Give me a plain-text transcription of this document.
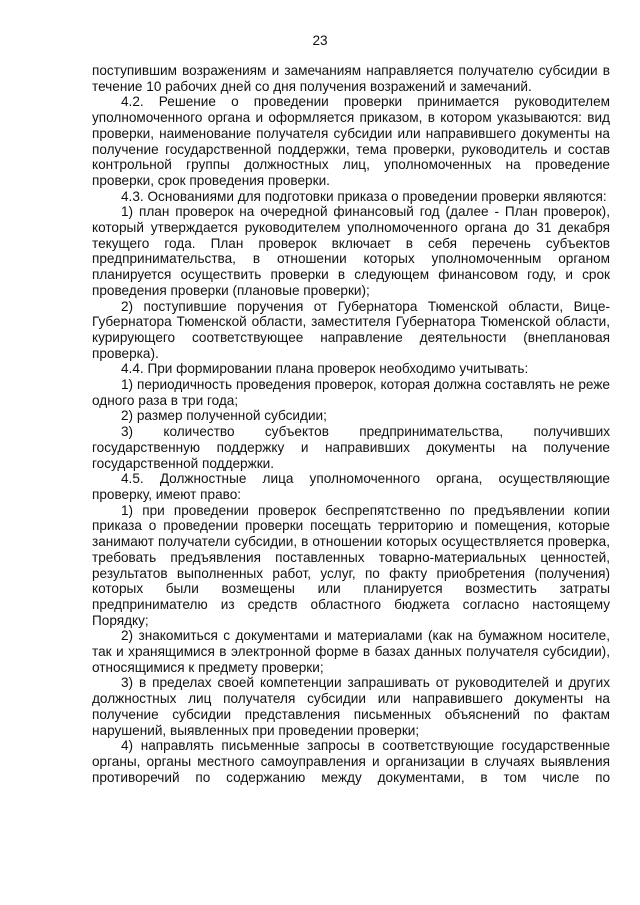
23

поступившим возражениям и замечаниям направляется получателю субсидии в течение 10 рабочих дней со дня получения возражений и замечаний.

4.2. Решение о проведении проверки принимается руководителем уполномоченного органа и оформляется приказом, в котором указываются: вид проверки, наименование получателя субсидии или направившего документы на получение государственной поддержки, тема проверки, руководитель и состав контрольной группы должностных лиц, уполномоченных на проведение проверки, срок проведения проверки.

4.3. Основаниями для подготовки приказа о проведении проверки являются:

1) план проверок на очередной финансовый год (далее - План проверок), который утверждается руководителем уполномоченного органа до 31 декабря текущего года. План проверок включает в себя перечень субъектов предпринимательства, в отношении которых уполномоченным органом планируется осуществить проверки в следующем финансовом году, и срок проведения проверки (плановые проверки);

2) поступившие поручения от Губернатора Тюменской области, Вице-Губернатора Тюменской области, заместителя Губернатора Тюменской области, курирующего соответствующее направление деятельности (внеплановая проверка).

4.4. При формировании плана проверок необходимо учитывать:

1) периодичность проведения проверок, которая должна составлять не реже одного раза в три года;

2) размер полученной субсидии;

3) количество субъектов предпринимательства, получивших государственную поддержку и направивших документы на получение государственной поддержки.

4.5. Должностные лица уполномоченного органа, осуществляющие проверку, имеют право:

1) при проведении проверок беспрепятственно по предъявлении копии приказа о проведении проверки посещать территорию и помещения, которые занимают получатели субсидии, в отношении которых осуществляется проверка, требовать предъявления поставленных товарно-материальных ценностей, результатов выполненных работ, услуг, по факту приобретения (получения) которых были возмещены или планируется возместить затраты предпринимателю из средств областного бюджета согласно настоящему Порядку;

2) знакомиться с документами и материалами (как на бумажном носителе, так и хранящимися в электронной форме в базах данных получателя субсидии), относящимися к предмету проверки;

3) в пределах своей компетенции запрашивать от руководителей и других должностных лиц получателя субсидии или направившего документы на получение субсидии представления письменных объяснений по фактам нарушений, выявленных при проведении проверки;

4) направлять письменные запросы в соответствующие государственные органы, органы местного самоуправления и организации в случаях выявления противоречий по содержанию между документами, в том числе по
